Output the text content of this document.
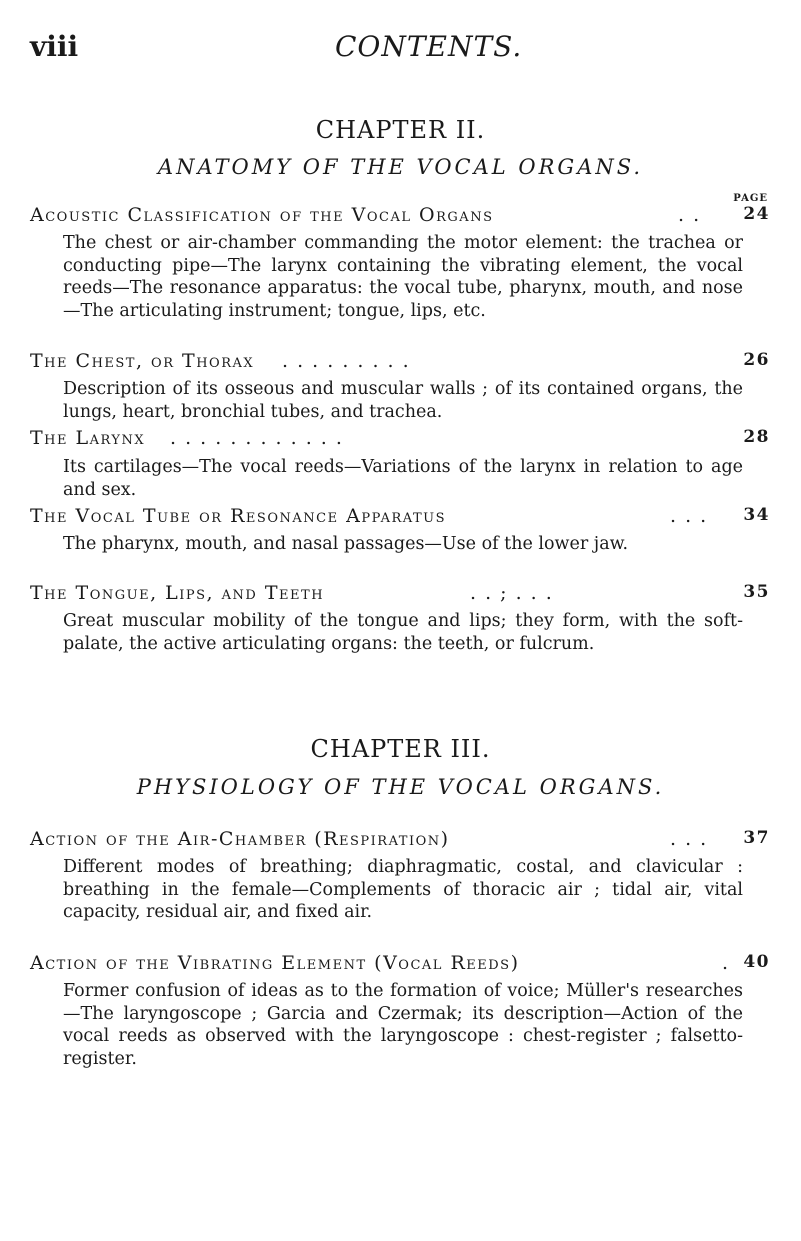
viii	CONTENTS.
CHAPTER II.
ANATOMY OF THE VOCAL ORGANS.
PAGE
Acoustic Classification of the Vocal Organs	. .	24
The chest or air-chamber commanding the motor element: the trachea or conducting pipe—The larynx containing the vibrating element, the vocal reeds—The resonance apparatus: the vocal tube, pharynx, mouth, and nose—The articulating instrument; tongue, lips, etc.
The Chest, or Thorax . . . . . . . . .	26
Description of its osseous and muscular walls ; of its contained organs, the lungs, heart, bronchial tubes, and trachea.
The Larynx . . . . . . . . . . . .	28
Its cartilages—The vocal reeds—Variations of the larynx in relation to age and sex.
The Vocal Tube or Resonance Apparatus	. . . 34
The pharynx, mouth, and nasal passages—Use of the lower jaw.
The Tongue, Lips, and Teeth	. . ; . . .	35
Great muscular mobility of the tongue and lips; they form, with the soft-palate, the active articulating organs: the teeth, or fulcrum.
CHAPTER III.
PHYSIOLOGY OF THE VOCAL ORGANS.
Action of the Air-Chamber (Respiration)	. . . 37
Different modes of breathing; diaphragmatic, costal, and clavicular : breathing in the female—Complements of thoracic air ; tidal air, vital capacity, residual air, and fixed air.
Action of the Vibrating Element (Vocal Reeds)	. 40
Former confusion of ideas as to the formation of voice; Müller's researches—The laryngoscope ; Garcia and Czermak; its description—Action of the vocal reeds as observed with the laryngoscope : chest-register ; falsetto-register.
